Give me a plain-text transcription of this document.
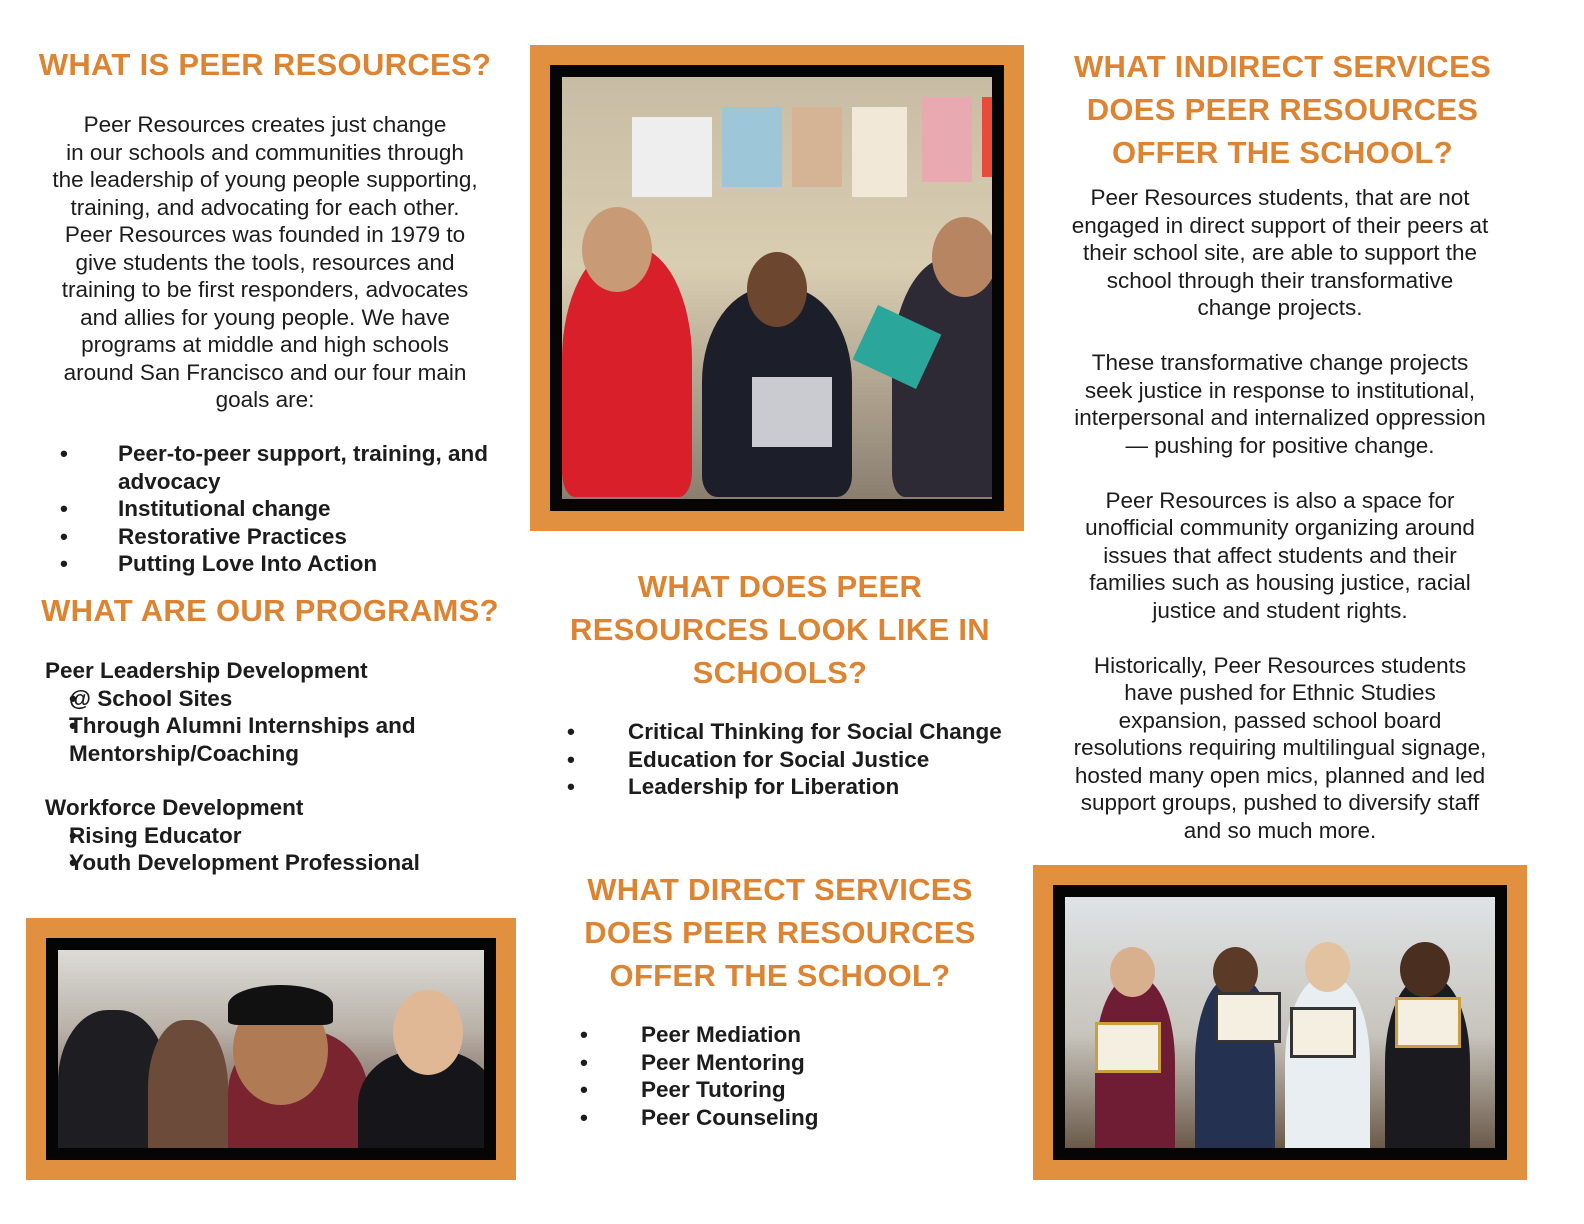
WHAT IS PEER RESOURCES?
Peer Resources creates just change
in our schools and communities through
the leadership of young people supporting,
training, and advocating for each other.
Peer Resources was founded in 1979 to
give students the tools, resources and
training to be first responders, advocates
and allies for young people. We have
programs at middle and high schools
around San Francisco and our four main
goals are:
• Peer-to-peer support, training, and advocacy
• Institutional change
• Restorative Practices
• Putting Love Into Action
WHAT ARE OUR PROGRAMS?
Peer Leadership Development
• @ School Sites
• Through Alumni Internships and Mentorship/Coaching
Workforce Development
• Rising Educator
• Youth Development Professional
WHAT DOES PEER
RESOURCES LOOK LIKE IN
SCHOOLS?
• Critical Thinking for Social Change
• Education for Social Justice
• Leadership for Liberation
WHAT DIRECT SERVICES
DOES PEER RESOURCES
OFFER THE SCHOOL?
• Peer Mediation
• Peer Mentoring
• Peer Tutoring
• Peer Counseling
WHAT INDIRECT SERVICES
DOES PEER RESOURCES
OFFER THE SCHOOL?
Peer Resources students, that are not
engaged in direct support of their peers at
their school site, are able to support the
school through their transformative
change projects.
These transformative change projects
seek justice in response to institutional,
interpersonal and internalized oppression
— pushing for positive change.
Peer Resources is also a space for
unofficial community organizing around
issues that affect students and their
families such as housing justice, racial
justice and student rights.
Historically, Peer Resources students
have pushed for Ethnic Studies
expansion, passed school board
resolutions requiring multilingual signage,
hosted many open mics, planned and led
support groups, pushed to diversify staff
and so much more.
